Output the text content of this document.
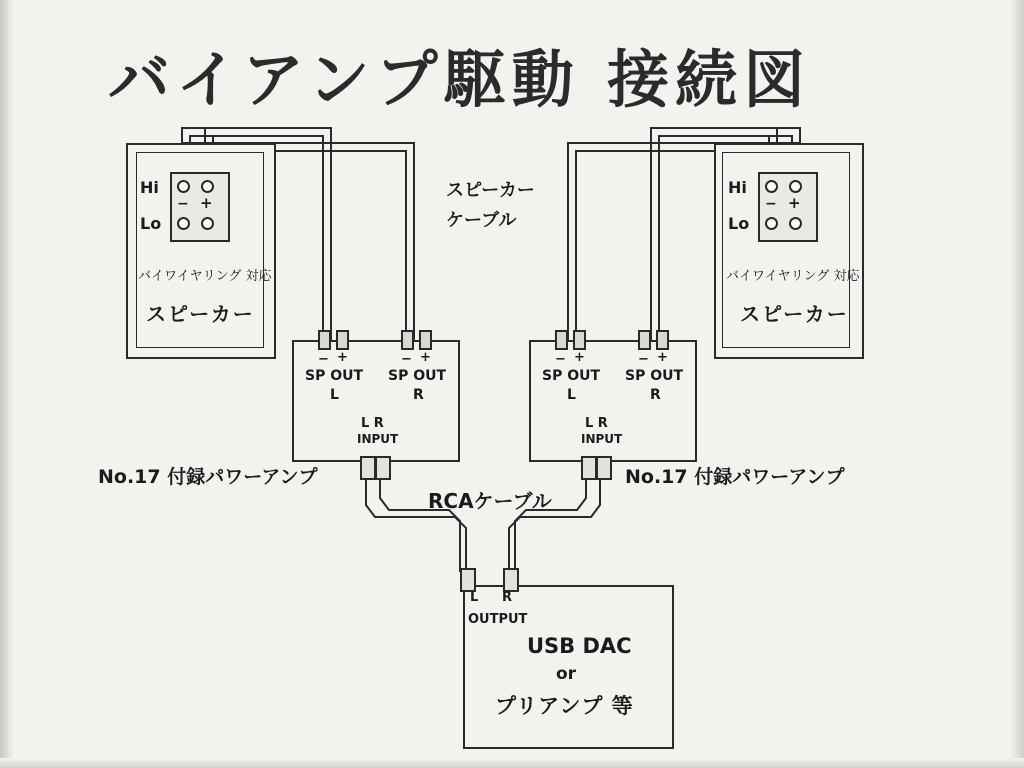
バイアンプ駆動 接続図
Hi
Lo
− +
バイワイヤリング 対応
スピーカー
Hi
Lo
− +
バイワイヤリング 対応
スピーカー
スピーカー
ケーブル
− +
SP OUT
L
− +
SP OUT
R
L R
INPUT
No.17 付録パワーアンプ
− +
SP OUT
L
− +
SP OUT
R
L R
INPUT
No.17 付録パワーアンプ
RCAケーブル
L R
OUTPUT
USB DAC
or
プリアンプ 等
